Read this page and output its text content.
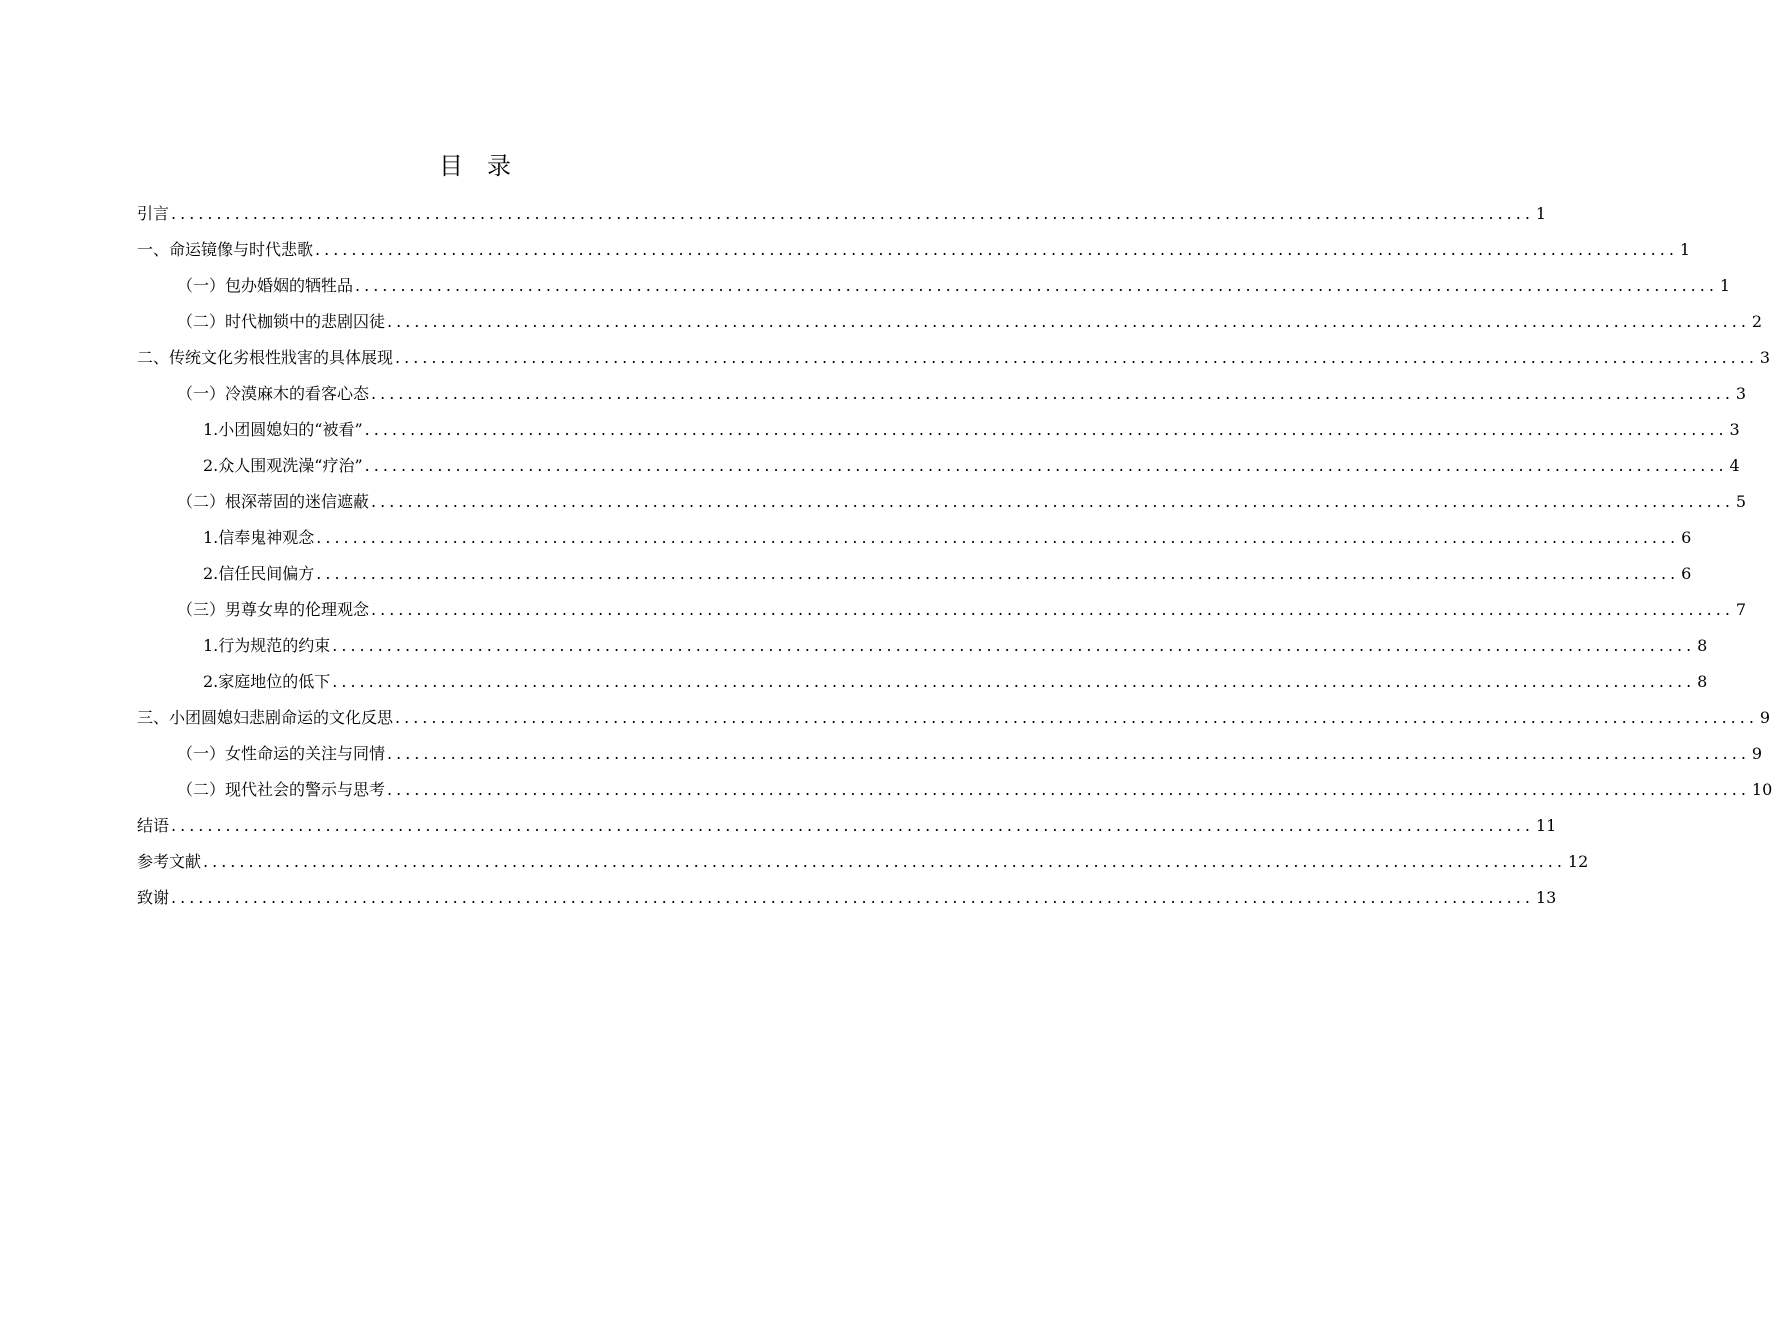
目 录
引言 ...................................................................................................................................................... 1
一、命运镜像与时代悲歌 ...................................................................................................................................................... 1
（一）包办婚姻的牺牲品 ...................................................................................................................................................... 1
（二）时代枷锁中的悲剧囚徒 ...................................................................................................................................................... 2
二、传统文化劣根性戕害的具体展现 ...................................................................................................................................................... 3
（一）冷漠麻木的看客心态 ...................................................................................................................................................... 3
1.小团圆媳妇的“被看” ...................................................................................................................................................... 3
2.众人围观洗澡“疗治” ...................................................................................................................................................... 4
（二）根深蒂固的迷信遮蔽 ...................................................................................................................................................... 5
1.信奉鬼神观念 ...................................................................................................................................................... 6
2.信任民间偏方 ...................................................................................................................................................... 6
（三）男尊女卑的伦理观念 ...................................................................................................................................................... 7
1.行为规范的约束 ...................................................................................................................................................... 8
2.家庭地位的低下 ...................................................................................................................................................... 8
三、小团圆媳妇悲剧命运的文化反思 ...................................................................................................................................................... 9
（一）女性命运的关注与同情 ...................................................................................................................................................... 9
（二）现代社会的警示与思考 ...................................................................................................................................................... 10
结语 ...................................................................................................................................................... 11
参考文献 ...................................................................................................................................................... 12
致谢 ...................................................................................................................................................... 13
